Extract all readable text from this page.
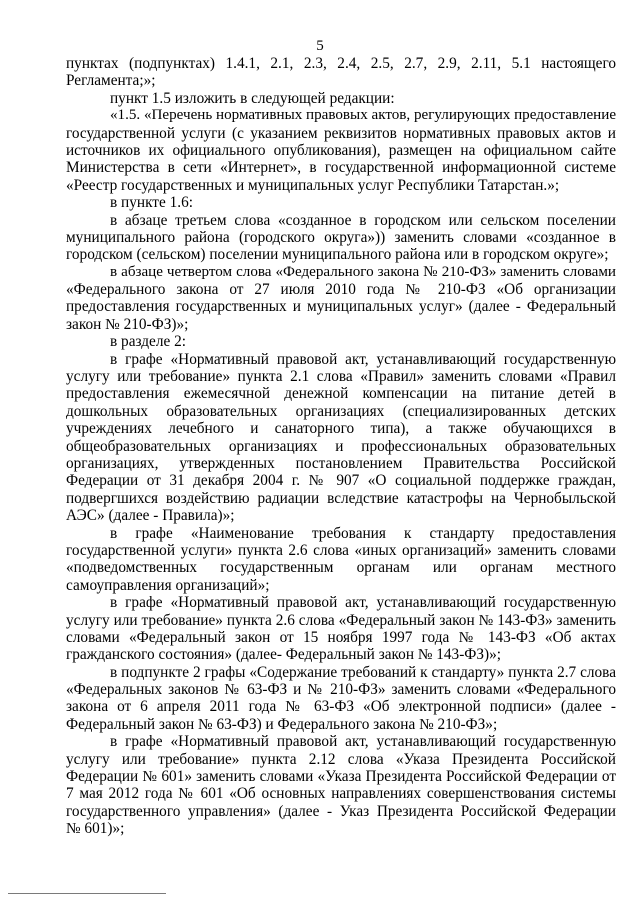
5
пунктах (подпунктах) 1.4.1, 2.1, 2.3, 2.4, 2.5, 2.7, 2.9, 2.11, 5.1 настоящего
Регламента;»;
пункт 1.5 изложить в следующей редакции:
«1.5. «Перечень нормативных правовых актов, регулирующих предоставление
государственной услуги (с указанием реквизитов нормативных правовых актов и
источников их официального опубликования), размещен на официальном сайте
Министерства в сети «Интернет», в государственной информационной системе
«Реестр государственных и муниципальных услуг Республики Татарстан.»;
в пункте 1.6:
в абзаце третьем слова «созданное в городском или сельском поселении
муниципального района (городского округа»)) заменить словами «созданное в
городском (сельском) поселении муниципального района или в городском округе»;
в абзаце четвертом слова «Федерального закона № 210-ФЗ» заменить словами
«Федерального закона от 27 июля 2010 года № 210-ФЗ «Об организации
предоставления государственных и муниципальных услуг» (далее - Федеральный
закон № 210-ФЗ)»;
в разделе 2:
в графе «Нормативный правовой акт, устанавливающий государственную
услугу или требование» пункта 2.1 слова «Правил» заменить словами «Правил
предоставления ежемесячной денежной компенсации на питание детей в
дошкольных образовательных организациях (специализированных детских
учреждениях лечебного и санаторного типа), а также обучающихся в
общеобразовательных организациях и профессиональных образовательных
организациях, утвержденных постановлением Правительства Российской
Федерации от 31 декабря 2004 г. № 907 «О социальной поддержке граждан,
подвергшихся воздействию радиации вследствие катастрофы на Чернобыльской
АЭС» (далее - Правила)»;
в графе «Наименование требования к стандарту предоставления
государственной услуги» пункта 2.6 слова «иных организаций» заменить словами
«подведомственных государственным органам или органам местного
самоуправления организаций»;
в графе «Нормативный правовой акт, устанавливающий государственную
услугу или требование» пункта 2.6 слова «Федеральный закон № 143-ФЗ» заменить
словами «Федеральный закон от 15 ноября 1997 года № 143-ФЗ «Об актах
гражданского состояния» (далее- Федеральный закон № 143-ФЗ)»;
в подпункте 2 графы «Содержание требований к стандарту» пункта 2.7 слова
«Федеральных законов № 63-ФЗ и № 210-ФЗ» заменить словами «Федерального
закона от 6 апреля 2011 года № 63-ФЗ «Об электронной подписи» (далее -
Федеральный закон № 63-ФЗ) и Федерального закона № 210-ФЗ»;
в графе «Нормативный правовой акт, устанавливающий государственную
услугу или требование» пункта 2.12 слова «Указа Президента Российской
Федерации № 601» заменить словами «Указа Президента Российской Федерации от
7 мая 2012 года № 601 «Об основных направлениях совершенствования системы
государственного управления» (далее - Указ Президента Российской Федерации
№ 601)»;
